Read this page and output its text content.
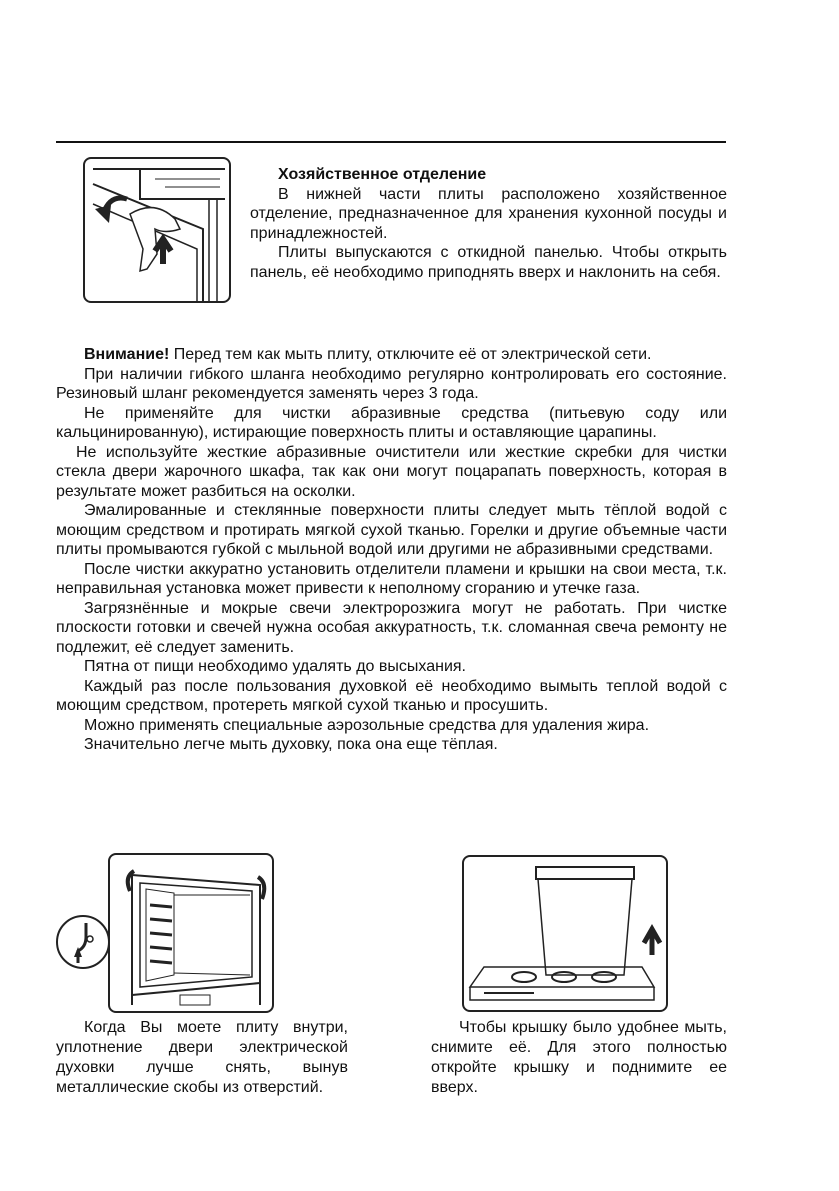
Хозяйственное отделение

В нижней части плиты расположено хозяйственное отделение, предназначенное для хранения кухонной посуды и принадлежностей.

Плиты выпускаются с откидной панелью. Чтобы открыть панель, её необходимо приподнять вверх и наклонить на себя.

Внимание! Перед тем как мыть плиту, отключите её от электрической сети.

При наличии гибкого шланга необходимо регулярно контролировать его состояние. Резиновый шланг рекомендуется заменять через 3 года.

Не применяйте для чистки абразивные средства (питьевую соду или кальцинированную), истирающие поверхность плиты и оставляющие царапины.

Не используйте жесткие абразивные очистители или жесткие скребки для чистки стекла двери жарочного шкафа, так как они могут поцарапать поверхность, которая в результате может разбиться на осколки.

Эмалированные и стеклянные поверхности плиты следует мыть тёплой водой с моющим средством и протирать мягкой сухой тканью. Горелки и другие объемные части плиты промываются губкой с мыльной водой или другими не абразивными средствами.

После чистки аккуратно установить отделители пламени и крышки на свои места, т.к. неправильная установка может привести к неполному сгоранию и утечке газа.

Загрязнённые и мокрые свечи электророзжига могут не работать. При чистке плоскости готовки и свечей нужна особая аккуратность, т.к. сломанная свеча ремонту не подлежит, её следует заменить.

Пятна от пищи необходимо удалять до высыхания.

Каждый раз после пользования духовкой её необходимо вымыть теплой водой с моющим средством, протереть мягкой сухой тканью и просушить.

Можно применять специальные аэрозольные средства для удаления жира.

Значительно легче мыть духовку, пока она еще тёплая.

Когда Вы моете плиту внутри, уплотнение двери электрической духовки лучше снять, вынув металлические скобы из отверстий.

Чтобы крышку было удобнее мыть, снимите её. Для этого полностью откройте крышку и поднимите ее вверх.
